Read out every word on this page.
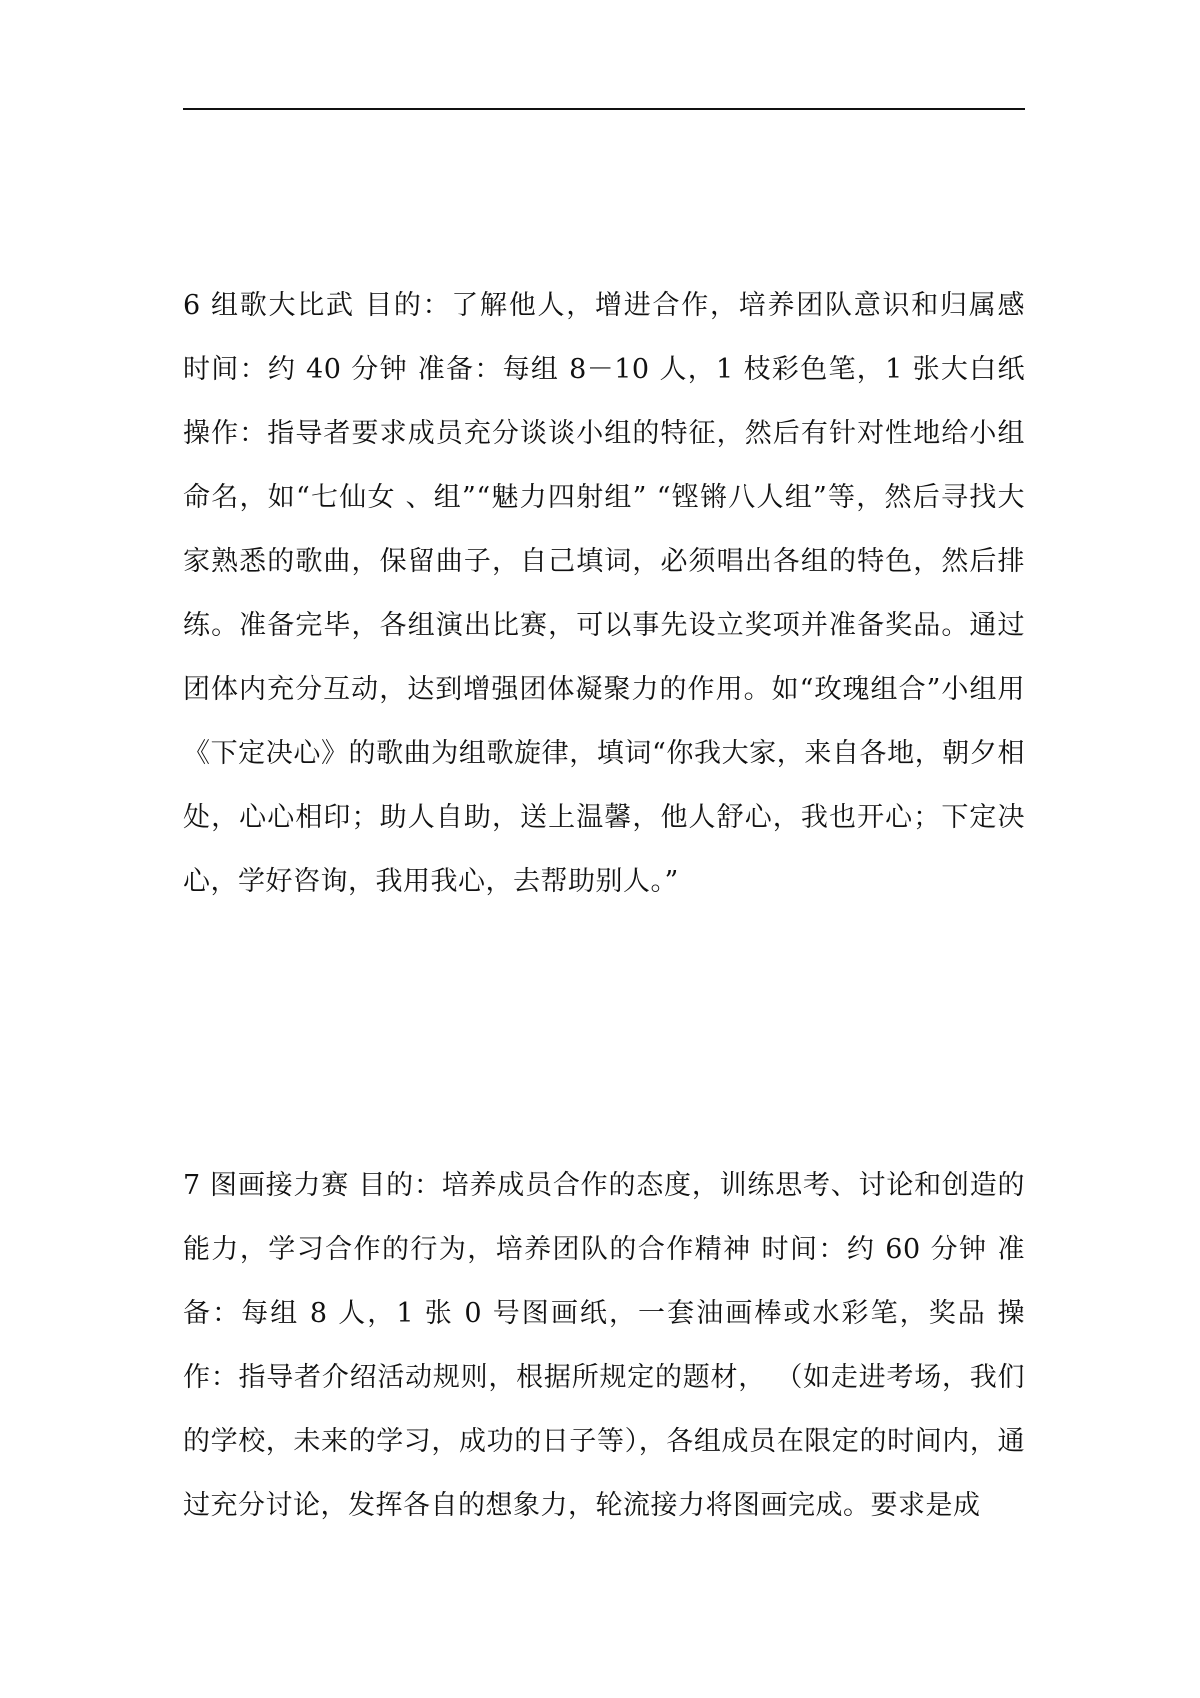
6 组歌大比武 目的：了解他人，增进合作，培养团队意识和归属感 时间：约 40 分钟 准备：每组 8－10 人，1 枝彩色笔，1 张大白纸 操作：指导者要求成员充分谈谈小组的特征，然后有针对性地给小组命名，如“七仙女 、组”“魅力四射组” “铿锵八人组”等，然后寻找大家熟悉的歌曲，保留曲子，自己填词，必须唱出各组的特色，然后排练。准备完毕，各组演出比赛，可以事先设立奖项并准备奖品。通过团体内充分互动，达到增强团体凝聚力的作用。如“玫瑰组合”小组用《下定决心》的歌曲为组歌旋律，填词“你我大家，来自各地，朝夕相处，心心相印；助人自助，送上温馨，他人舒心，我也开心；下定决心，学好咨询，我用我心，去帮助别人。”

7 图画接力赛 目的：培养成员合作的态度，训练思考、讨论和创造的能力，学习合作的行为，培养团队的合作精神 时间：约 60 分钟 准备：每组 8 人，1 张 0 号图画纸，一套油画棒或水彩笔，奖品 操作：指导者介绍活动规则，根据所规定的题材， （如走进考场，我们的学校，未来的学习，成功的日子等），各组成员在限定的时间内，通过充分讨论，发挥各自的想象力，轮流接力将图画完成。要求是成
